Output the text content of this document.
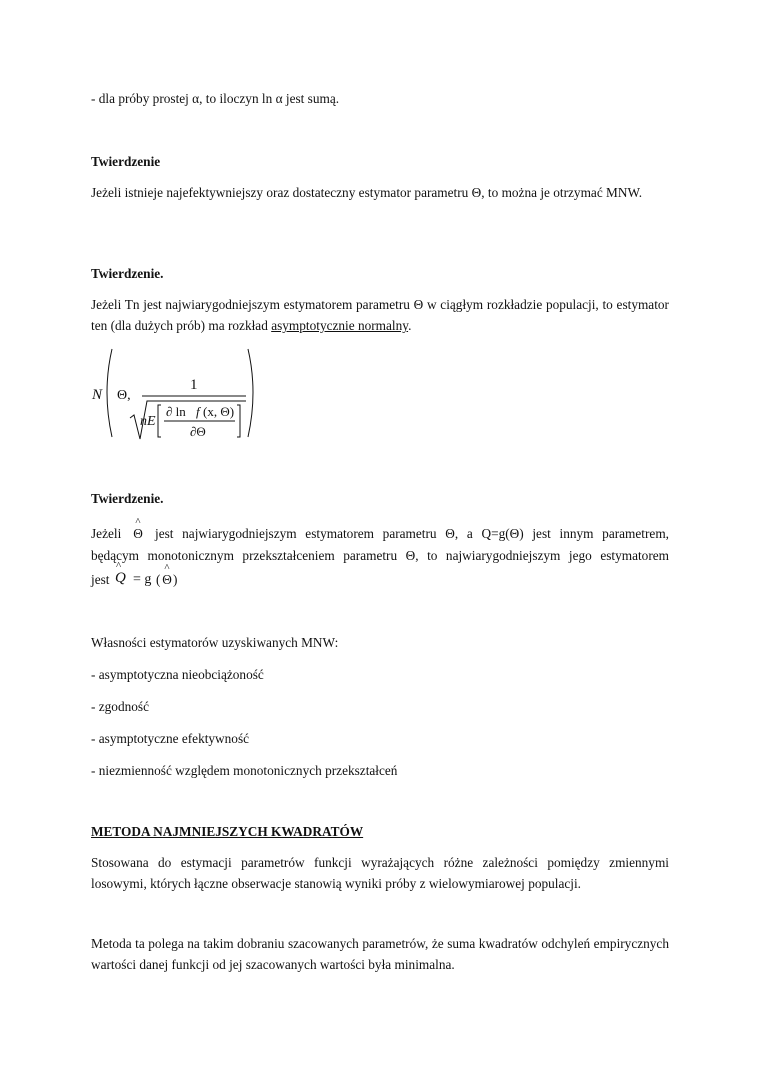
- dla próby prostej α, to iloczyn ln α jest sumą.

Twierdzenie

Jeżeli istnieje najefektywniejszy oraz dostateczny estymator parametru Θ, to można je otrzymać MNW.

Twierdzenie.

Jeżeli Tn jest najwiarygodniejszym estymatorem parametru Θ w ciągłym rozkładzie populacji, to estymator ten (dla dużych prób) ma rozkład asymptotycznie normalny.

N Θ,
1
nE
∂ ln f (x, Θ)
∂Θ

Twierdzenie.

Jeżeli
^
Θ jest najwiarygodniejszym estymatorem parametru Θ, a Q=g(Θ) jest innym parametrem,
będącym monotonicznym przekształceniem parametru Θ, to najwiarygodniejszym jego estymatorem
jest
^
Q = g (
^
Θ )

Własności estymatorów uzyskiwanych MNW:

- asymptotyczna nieobciążoność

- zgodność

- asymptotyczne efektywność

- niezmienność względem monotonicznych przekształceń

METODA NAJMNIEJSZYCH KWADRATÓW

Stosowana do estymacji parametrów funkcji wyrażających różne zależności pomiędzy zmiennymi losowymi, których łączne obserwacje stanowią wyniki próby z wielowymiarowej populacji.

Metoda ta polega na takim dobraniu szacowanych parametrów, że suma kwadratów odchyleń empirycznych wartości danej funkcji od jej szacowanych wartości była minimalna.
